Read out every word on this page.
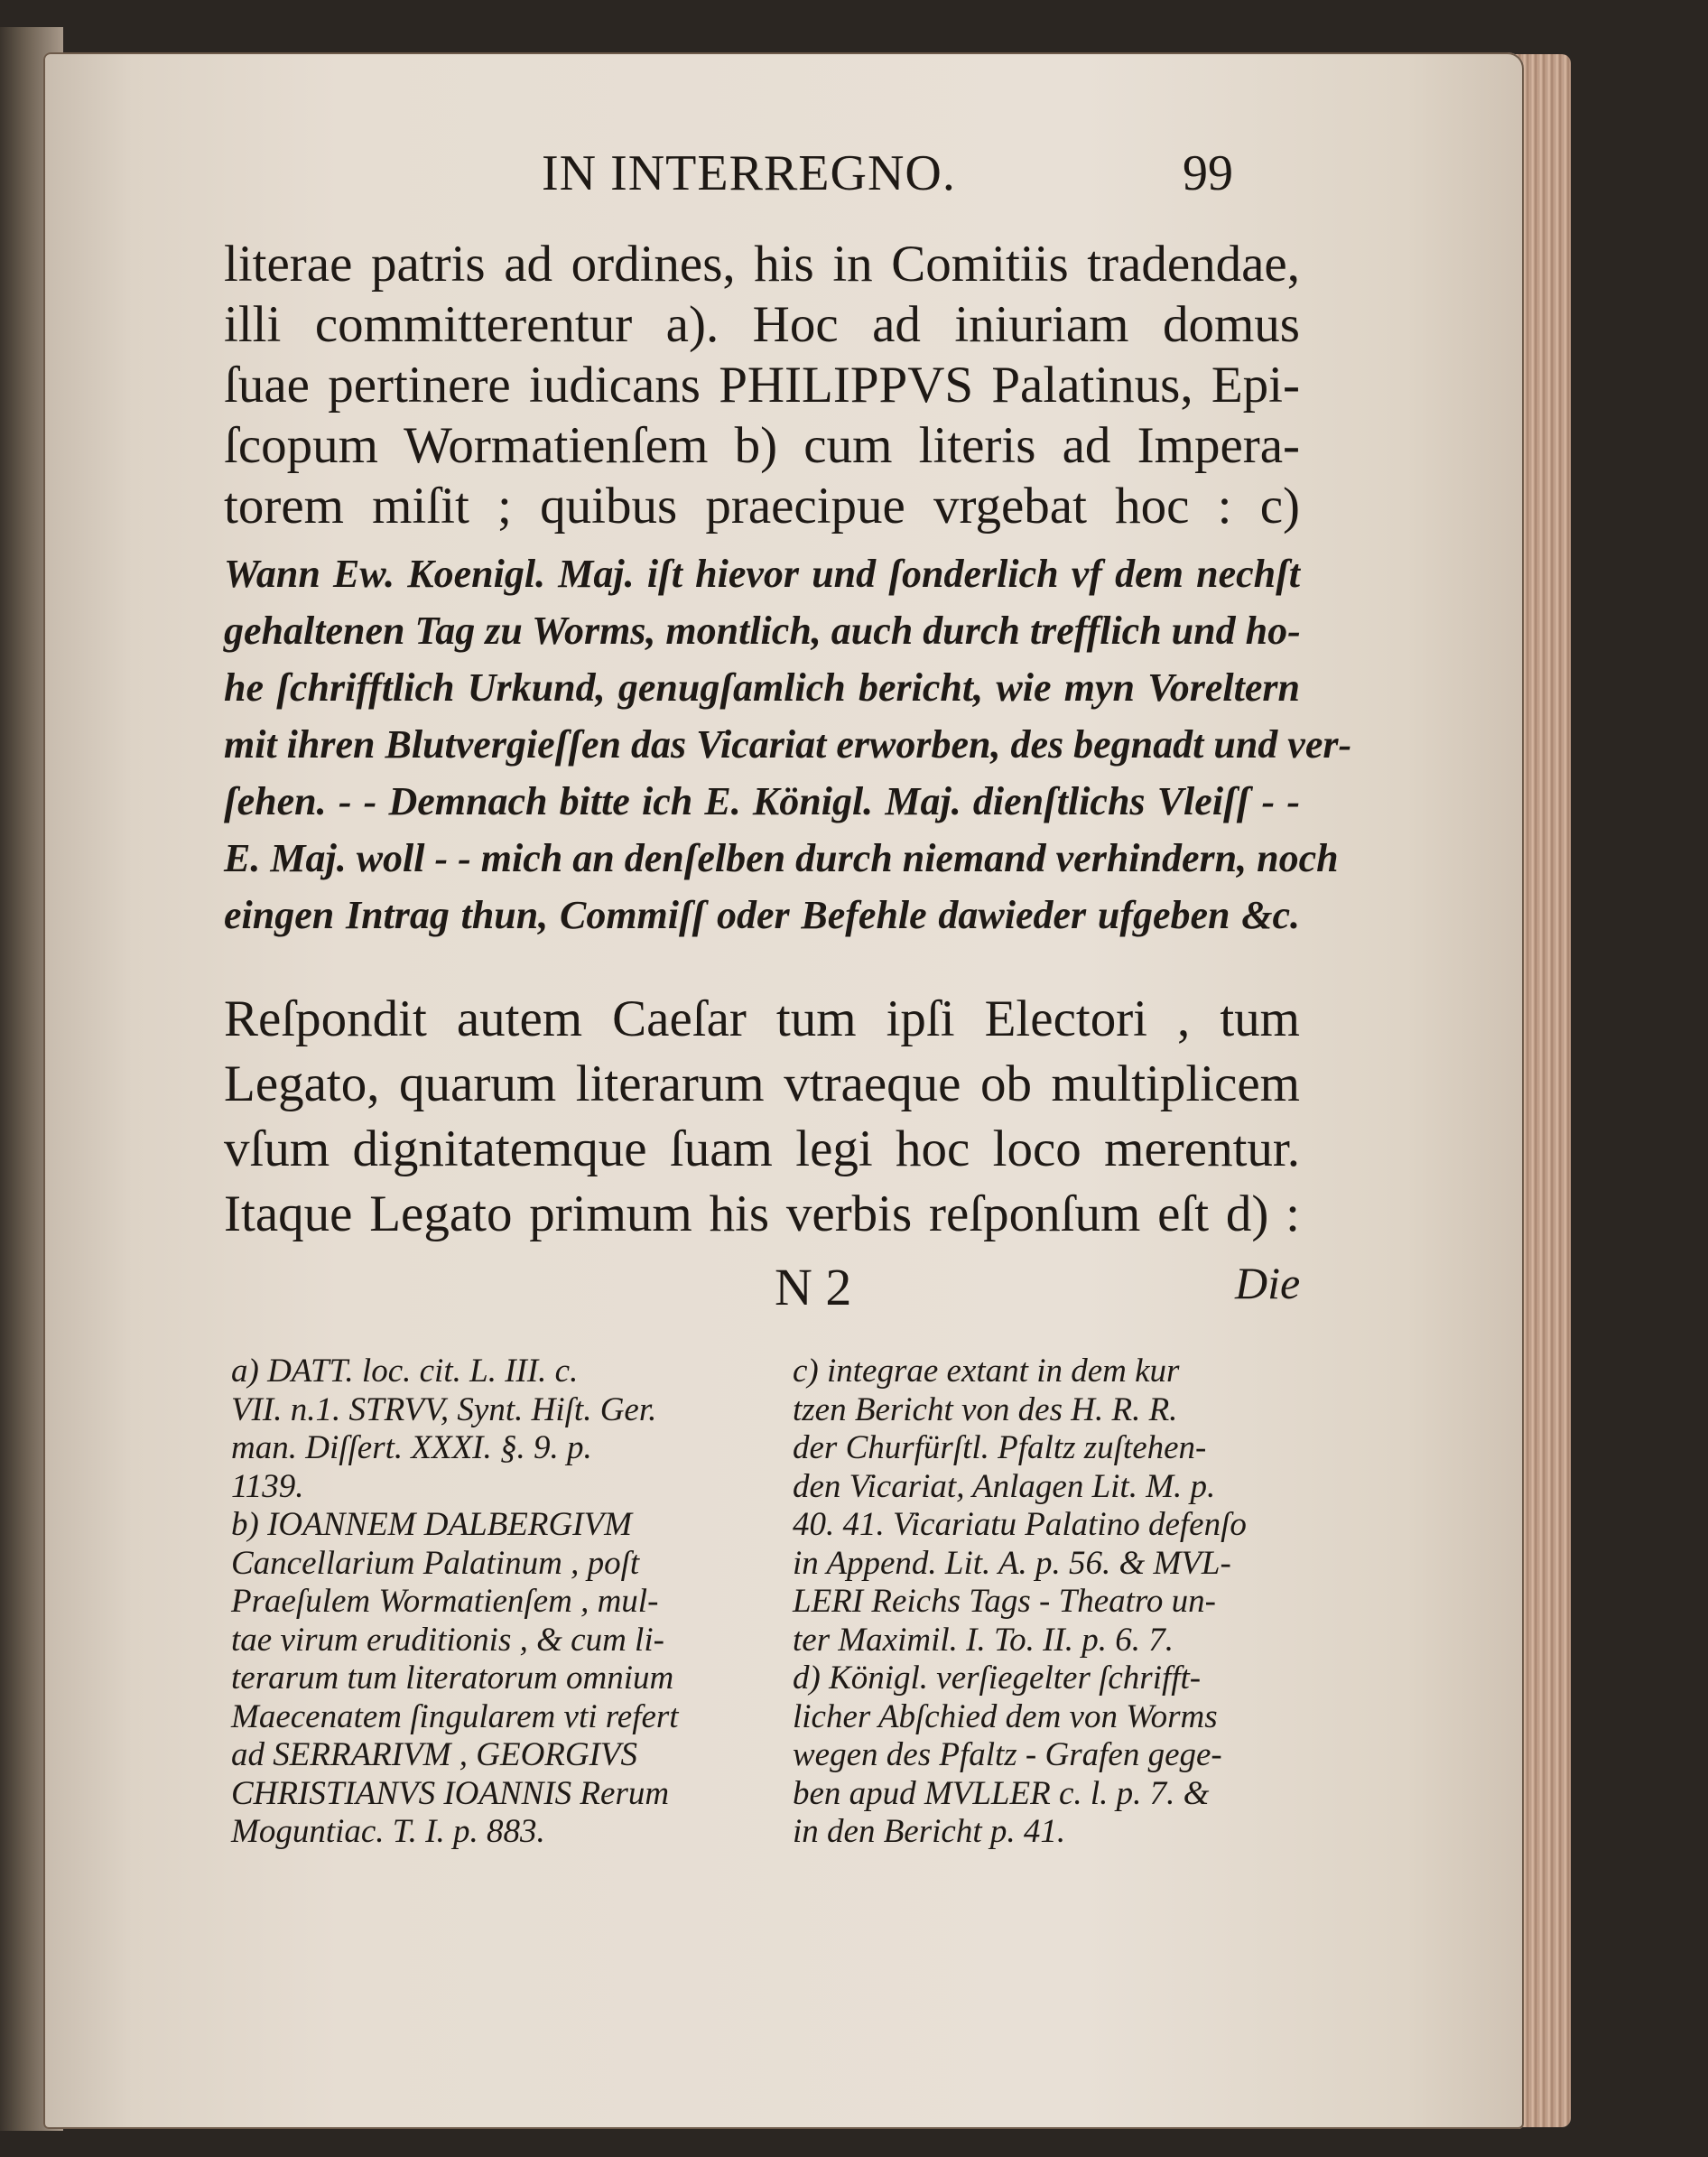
IN INTERREGNO.	99
literae patris ad ordines, his in Comitiis tradendae,
illi committerentur a). Hoc ad iniuriam domus
ſuae pertinere iudicans PHILIPPVS Palatinus, Epi-
ſcopum Wormatienſem b) cum literis ad Impera-
torem miſit ; quibus praecipue vrgebat hoc : c)
Wann Ew. Koenigl. Maj. iſt hievor und ſonderlich vf dem nechſt
gehaltenen Tag zu Worms, montlich, auch durch trefflich und ho-
he ſchrifftlich Urkund, genugſamlich bericht, wie myn Voreltern
mit ihren Blutvergieſſen das Vicariat erworben, des begnadt und ver-
ſehen. - - Demnach bitte ich E. Königl. Maj. dienſtlichs Vleiſſ - -
E. Maj. woll - - mich an denſelben durch niemand verhindern, noch
eingen Intrag thun, Commiſſ oder Befehle dawieder ufgeben &c.
Reſpondit autem Caeſar tum ipſi Electori , tum
Legato, quarum literarum vtraeque ob multiplicem
vſum dignitatemque ſuam legi hoc loco merentur.
Itaque Legato primum his verbis reſponſum eſt d) :
N 2	Die

a) DATT. loc. cit. L. III. c.

VII. n.1. STRVV, Synt. Hiſt. Ger.

man. Diſſert. XXXI. §. 9. p.

1139.

b) IOANNEM DALBERGIVM

Cancellarium Palatinum , poſt

Praeſulem Wormatienſem , mul-

tae virum eruditionis , & cum li-

terarum tum literatorum omnium

Maecenatem ſingularem vti refert

ad SERRARIVM , GEORGIVS

CHRISTIANVS IOANNIS Rerum

Moguntiac. T. I. p. 883.

c) integrae extant in dem kur

tzen Bericht von des H. R. R.

der Churfürſtl. Pfaltz zuſtehen-

den Vicariat, Anlagen Lit. M. p.

40. 41. Vicariatu Palatino defenſo

in Append. Lit. A. p. 56. & MVL-

LERI Reichs Tags - Theatro un-

ter Maximil. I. To. II. p. 6. 7.

d) Königl. verſiegelter ſchrifft-

licher Abſchied dem von Worms

wegen des Pfaltz - Grafen gege-

ben apud MVLLER c. l. p. 7. &

in den Bericht p. 41.
